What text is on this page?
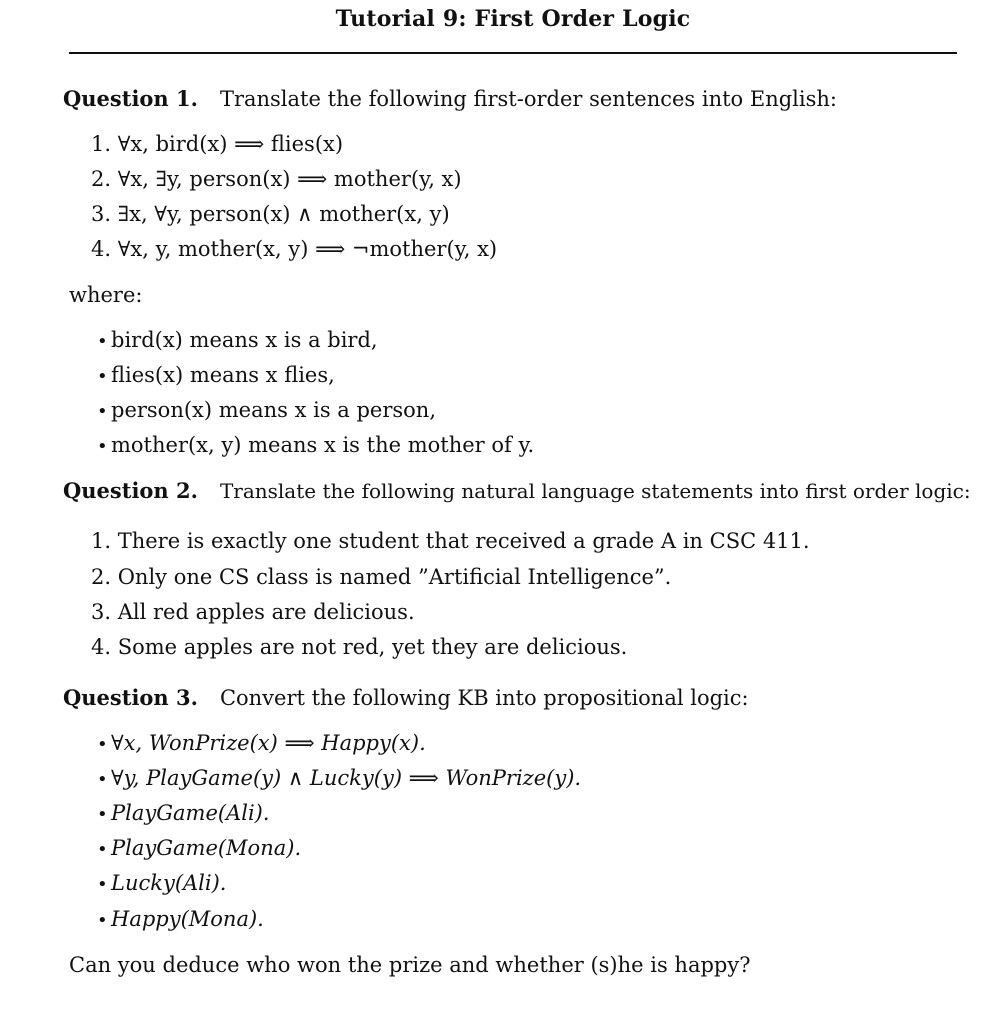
Tutorial 9: First Order Logic
Question 1. Translate the following first-order sentences into English:
1. ∀x, bird(x) ⟹ flies(x)
2. ∀x, ∃y, person(x) ⟹ mother(y, x)
3. ∃x, ∀y, person(x) ∧ mother(x, y)
4. ∀x, y, mother(x, y) ⟹ ¬mother(y, x)
where:
• bird(x) means x is a bird,
• flies(x) means x flies,
• person(x) means x is a person,
• mother(x, y) means x is the mother of y.
Question 2. Translate the following natural language statements into first order logic:
1. There is exactly one student that received a grade A in CSC 411.
2. Only one CS class is named ”Artificial Intelligence”.
3. All red apples are delicious.
4. Some apples are not red, yet they are delicious.
Question 3. Convert the following KB into propositional logic:
• ∀x, WonPrize(x) ⟹ Happy(x).
• ∀y, PlayGame(y) ∧ Lucky(y) ⟹ WonPrize(y).
• PlayGame(Ali).
• PlayGame(Mona).
• Lucky(Ali).
• Happy(Mona).
Can you deduce who won the prize and whether (s)he is happy?
